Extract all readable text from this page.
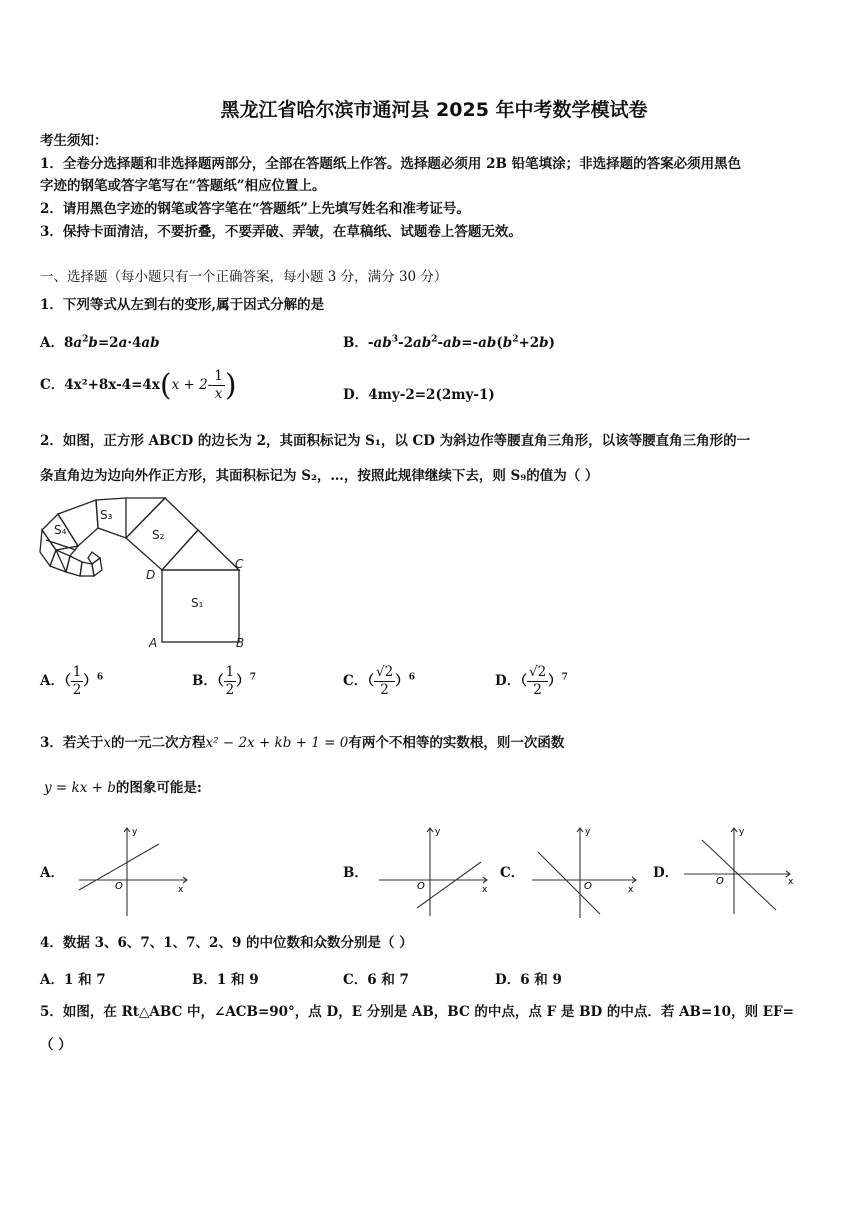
黑龙江省哈尔滨市通河县 2025 年中考数学模试卷
考生须知：
1．全卷分选择题和非选择题两部分，全部在答题纸上作答。选择题必须用 2B 铅笔填涂；非选择题的答案必须用黑色
字迹的钢笔或答字笔写在“答题纸”相应位置上。
2．请用黑色字迹的钢笔或答字笔在“答题纸”上先填写姓名和准考证号。
3．保持卡面清洁，不要折叠，不要弄破、弄皱，在草稿纸、试题卷上答题无效。
一、选择题（每小题只有一个正确答案，每小题 3 分，满分 30 分）
1．下列等式从左到右的变形,属于因式分解的是
A．$8a^2b=2a\cdot 4ab$	B．$-ab^3-2ab^2-ab=-ab(b^2+2b)$
C．$4x^2+8x-4=4x(x + 2- \frac{1}{x}$ )	D．4my-2=2(2my-1)
2．如图，正方形 ABCD 的边长为 2，其面积标记为 S₁，以 CD 为斜边作等腰直角三角形，以该等腰直角三角形的一
条直角边为边向外作正方形，其面积标记为 S₂，…，按照此规律继续下去，则 S₉的值为（ ）
S₁
S₂
S₃
S₄
A	B
C
D
A．（ $\frac{1}{2} )^6$	B．（ $\frac{1}{2} )^7$	C．（ $\frac{√2}{2} )^6$	D．（ $\frac{√2}{2} )^7$
3．若关于x的一元二次方程x² − 2x + kb + 1 = 0有两个不相等的实数根，则一次函数
y = kx + b的图象可能是:
A．
y
x
O
B．
y
x
O
C．
y
x
O
D．
y
x
O
4．数据 3、6、7、1、7、2、9 的中位数和众数分别是（ ）
A．1 和 7	B．1 和 9	C．6 和 7	D．6 和 9
5．如图，在 Rt△ABC 中，∠ACB=90°，点 D，E 分别是 AB，BC 的中点，点 F 是 BD 的中点．若 AB=10，则 EF=
（ ）
